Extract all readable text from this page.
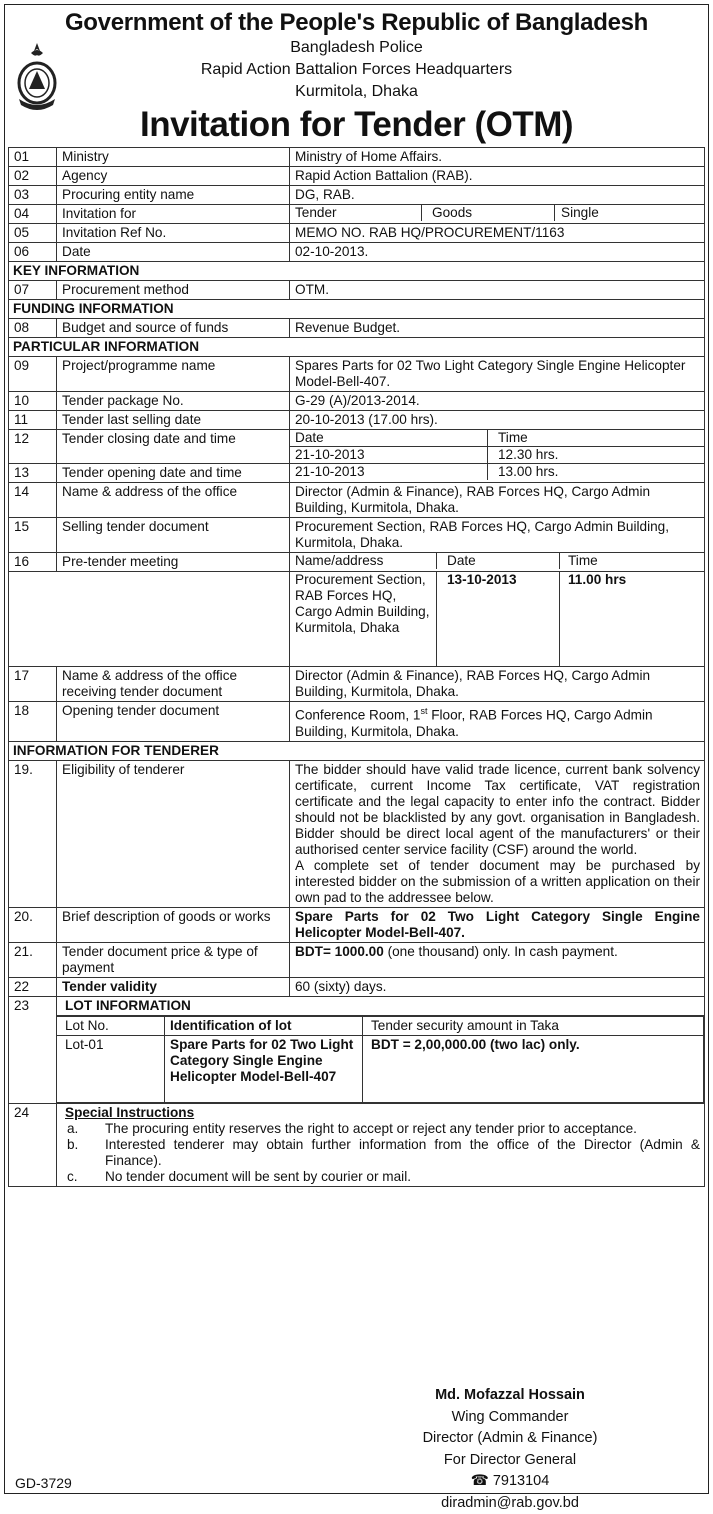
Government of the People's Republic of Bangladesh
Bangladesh Police
Rapid Action Battalion Forces Headquarters
Kurmitola, Dhaka
Invitation for Tender (OTM)
01	Ministry	Ministry of Home Affairs.
02	Agency	Rapid Action Battalion (RAB).
03	Procuring entity name	DG, RAB.
04	Invitation for		Tender	Goods	Single

05	Invitation Ref No.	MEMO NO. RAB HQ/PROCUREMENT/1163
06	Date	02-10-2013.
KEY INFORMATION
07	Procurement method	OTM.
FUNDING INFORMATION
08	Budget and source of funds	Revenue Budget.
PARTICULAR INFORMATION
09	Project/programme name	Spares Parts for 02 Two Light Category Single Engine Helicopter Model-Bell-407.
10	Tender package No.	G-29 (A)/2013-2014.
11	Tender last selling date	20-10-2013 (17.00 hrs).
12	Tender closing date and time		Date	Time
21-10-2013	12.30 hrs.

13	Tender opening date and time		21-10-2013	13.00 hrs.

14	Name & address of the office	Director (Admin & Finance), RAB Forces HQ, Cargo Admin Building, Kurmitola, Dhaka.
15	Selling tender document	Procurement Section, RAB Forces HQ, Cargo Admin Building, Kurmitola, Dhaka.
16	Pre-tender meeting		Name/address	Date	Time

Procurement Section, RAB Forces HQ, Cargo Admin Building, Kurmitola, Dhaka	13-10-2013	11.00 hrs

17	Name & address of the office receiving tender document	Director (Admin & Finance), RAB Forces HQ, Cargo Admin Building, Kurmitola, Dhaka.
18	Opening tender document	Conference Room, 1st Floor, RAB Forces HQ, Cargo Admin Building, Kurmitola, Dhaka.
INFORMATION FOR TENDERER
19.	Eligibility of tenderer	The bidder should have valid trade licence, current bank solvency certificate, current Income Tax certificate, VAT registration certificate and the legal capacity to enter info the contract. Bidder should not be blacklisted by any govt. organisation in Bangladesh. Bidder should be direct local agent of the manufacturers' or their authorised center service facility (CSF) around the world.
A complete set of tender document may be purchased by interested bidder on the submission of a written application on their own pad to the addressee below.

20.	Brief description of goods or works	Spare Parts for 02 Two Light Category Single Engine Helicopter Model-Bell-407.
21.	Tender document price & type of payment	BDT= 1000.00 (one thousand) only. In cash payment.
22	Tender validity	60 (sixty) days.
23	LOT INFORMATION
Lot No.	Identification of lot	Tender security amount in Taka
Lot-01	Spare Parts for 02 Two Light Category Single Engine Helicopter Model-Bell-407	BDT = 2,00,000.00 (two lac) only.

24	Special Instructions
a.	The procuring entity reserves the right to accept or reject any tender prior to acceptance.
b.	Interested tenderer may obtain further information from the office of the Director (Admin & Finance).
c.	No tender document will be sent by courier or mail.
Md. Mofazzal Hossain
Wing Commander
Director (Admin & Finance)
For Director General
☎ 7913104
diradmin@rab.gov.bd
GD-3729
